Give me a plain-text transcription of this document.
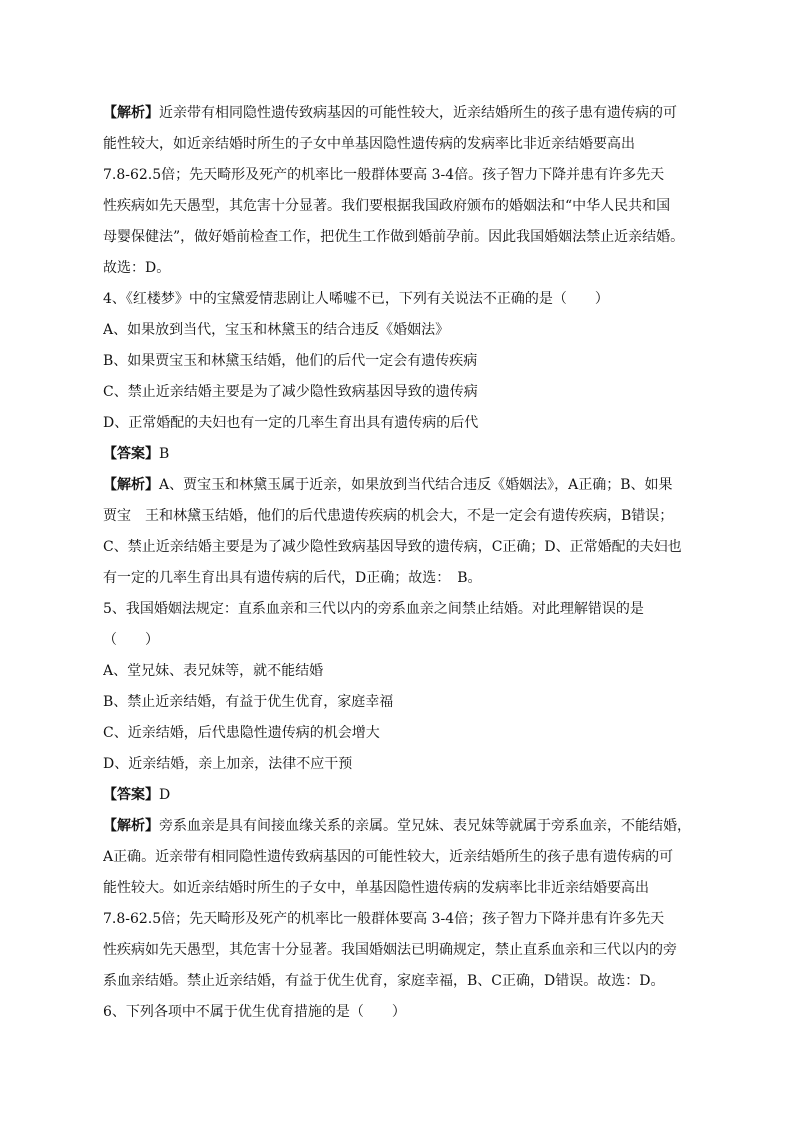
【解析】近亲带有相同隐性遗传致病基因的可能性较大，近亲结婚所生的孩子患有遗传病的可
能性较大，如近亲结婚时所生的子女中单基因隐性遗传病的发病率比非近亲结婚要高出
7.8-62.5倍；先天畸形及死产的机率比一般群体要高 3-4倍。孩子智力下降并患有许多先天
性疾病如先天愚型，其危害十分显著。我们要根据我国政府颁布的婚姻法和“中华人民共和国
母婴保健法”，做好婚前检查工作，把优生工作做到婚前孕前。因此我国婚姻法禁止近亲结婚。
故选：D。
4、《红楼梦》中的宝黛爱情悲剧让人唏嘘不已，下列有关说法不正确的是（　　）
A、如果放到当代，宝玉和林黛玉的结合违反《婚姻法》
B、如果贾宝玉和林黛玉结婚，他们的后代一定会有遗传疾病
C、禁止近亲结婚主要是为了减少隐性致病基因导致的遗传病
D、正常婚配的夫妇也有一定的几率生育出具有遗传病的后代
【答案】B
【解析】A、贾宝玉和林黛玉属于近亲，如果放到当代结合违反《婚姻法》，A正确；B、如果
贾宝　王和林黛玉结婚，他们的后代患遗传疾病的机会大，不是一定会有遗传疾病，B错误；
C、禁止近亲结婚主要是为了减少隐性致病基因导致的遗传病，C正确；D、正常婚配的夫妇也
有一定的几率生育出具有遗传病的后代，D正确；故选：　B。
5、我国婚姻法规定：直系血亲和三代以内的旁系血亲之间禁止结婚。对此理解错误的是
（　　）
A、堂兄妹、表兄妹等，就不能结婚
B、禁止近亲结婚，有益于优生优育，家庭幸福
C、近亲结婚，后代患隐性遗传病的机会增大
D、近亲结婚，亲上加亲，法律不应干预
【答案】D
【解析】旁系血亲是具有间接血缘关系的亲属。堂兄妹、表兄妹等就属于旁系血亲，不能结婚，
A正确。近亲带有相同隐性遗传致病基因的可能性较大，近亲结婚所生的孩子患有遗传病的可
能性较大。如近亲结婚时所生的子女中，单基因隐性遗传病的发病率比非近亲结婚要高出
7.8-62.5倍；先天畸形及死产的机率比一般群体要高 3-4倍；孩子智力下降并患有许多先天
性疾病如先天愚型，其危害十分显著。我国婚姻法已明确规定，禁止直系血亲和三代以内的旁
系血亲结婚。禁止近亲结婚，有益于优生优育，家庭幸福，B、C正确，D错误。故选：D。
6、下列各项中不属于优生优育措施的是（　　）
